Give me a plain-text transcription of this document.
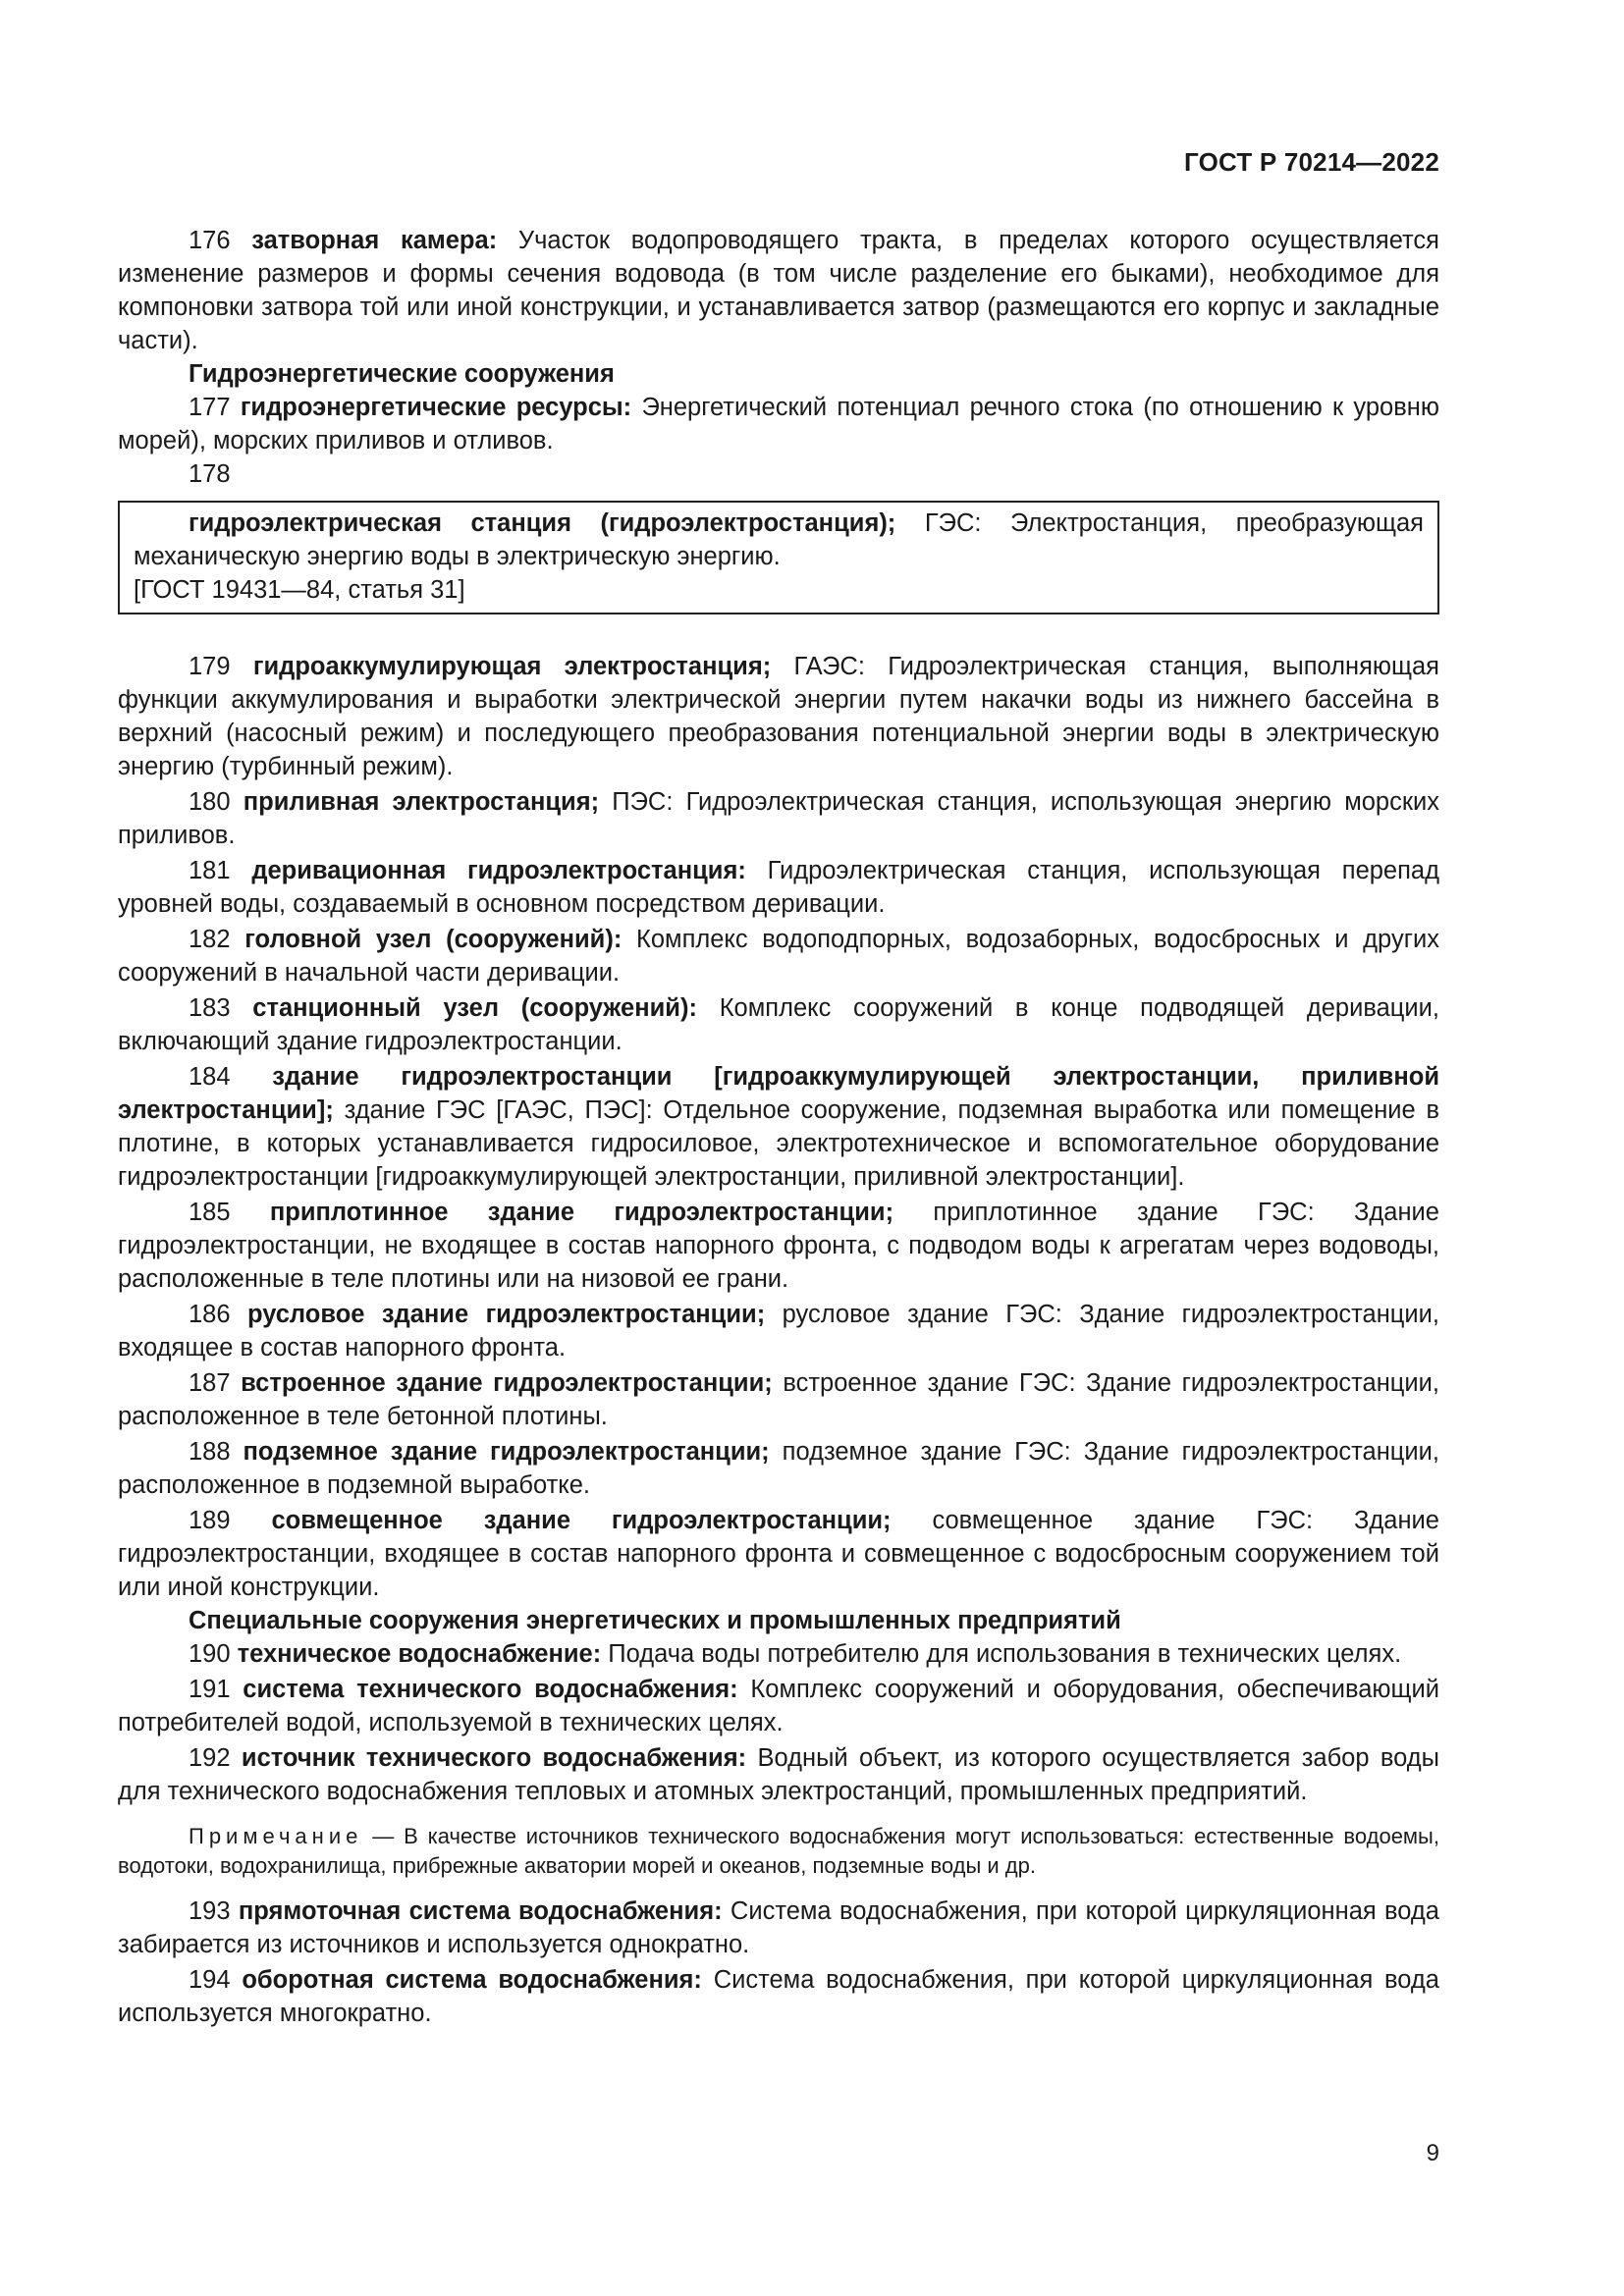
ГОСТ Р 70214—2022

176 затворная камера: Участок водопроводящего тракта, в пределах которого осуществляется изменение размеров и формы сечения водовода (в том числе разделение его быками), необходимое для компоновки затвора той или иной конструкции, и устанавливается затвор (размещаются его корпус и закладные части).

Гидроэнергетические сооружения

177 гидроэнергетические ресурсы: Энергетический потенциал речного стока (по отношению к уровню морей), морских приливов и отливов.

178

гидроэлектрическая станция (гидроэлектростанция); ГЭС: Электростанция, преобразующая механическую энергию воды в электрическую энергию.

[ГОСТ 19431—84, статья 31]

179 гидроаккумулирующая электростанция; ГАЭС: Гидроэлектрическая станция, выполняющая функции аккумулирования и выработки электрической энергии путем накачки воды из нижнего бассейна в верхний (насосный режим) и последующего преобразования потенциальной энергии воды в электрическую энергию (турбинный режим).

180 приливная электростанция; ПЭС: Гидроэлектрическая станция, использующая энергию морских приливов.

181 деривационная гидроэлектростанция: Гидроэлектрическая станция, использующая перепад уровней воды, создаваемый в основном посредством деривации.

182 головной узел (сооружений): Комплекс водоподпорных, водозаборных, водосбросных и других сооружений в начальной части деривации.

183 станционный узел (сооружений): Комплекс сооружений в конце подводящей деривации, включающий здание гидроэлектростанции.

184 здание гидроэлектростанции [гидроаккумулирующей электростанции, приливной электростанции]; здание ГЭС [ГАЭС, ПЭС]: Отдельное сооружение, подземная выработка или помещение в плотине, в которых устанавливается гидросиловое, электротехническое и вспомогательное оборудование гидроэлектростанции [гидроаккумулирующей электростанции, приливной электростанции].

185 приплотинное здание гидроэлектростанции; приплотинное здание ГЭС: Здание гидроэлектростанции, не входящее в состав напорного фронта, с подводом воды к агрегатам через водоводы, расположенные в теле плотины или на низовой ее грани.

186 русловое здание гидроэлектростанции; русловое здание ГЭС: Здание гидроэлектростанции, входящее в состав напорного фронта.

187 встроенное здание гидроэлектростанции; встроенное здание ГЭС: Здание гидроэлектростанции, расположенное в теле бетонной плотины.

188 подземное здание гидроэлектростанции; подземное здание ГЭС: Здание гидроэлектростанции, расположенное в подземной выработке.

189 совмещенное здание гидроэлектростанции; совмещенное здание ГЭС: Здание гидроэлектростанции, входящее в состав напорного фронта и совмещенное с водосбросным сооружением той или иной конструкции.

Специальные сооружения энергетических и промышленных предприятий

190 техническое водоснабжение: Подача воды потребителю для использования в технических целях.

191 система технического водоснабжения: Комплекс сооружений и оборудования, обеспечивающий потребителей водой, используемой в технических целях.

192 источник технического водоснабжения: Водный объект, из которого осуществляется забор воды для технического водоснабжения тепловых и атомных электростанций, промышленных предприятий.

Примечание — В качестве источников технического водоснабжения могут использоваться: естественные водоемы, водотоки, водохранилища, прибрежные акватории морей и океанов, подземные воды и др.

193 прямоточная система водоснабжения: Система водоснабжения, при которой циркуляционная вода забирается из источников и используется однократно.

194 оборотная система водоснабжения: Система водоснабжения, при которой циркуляционная вода используется многократно.

9
